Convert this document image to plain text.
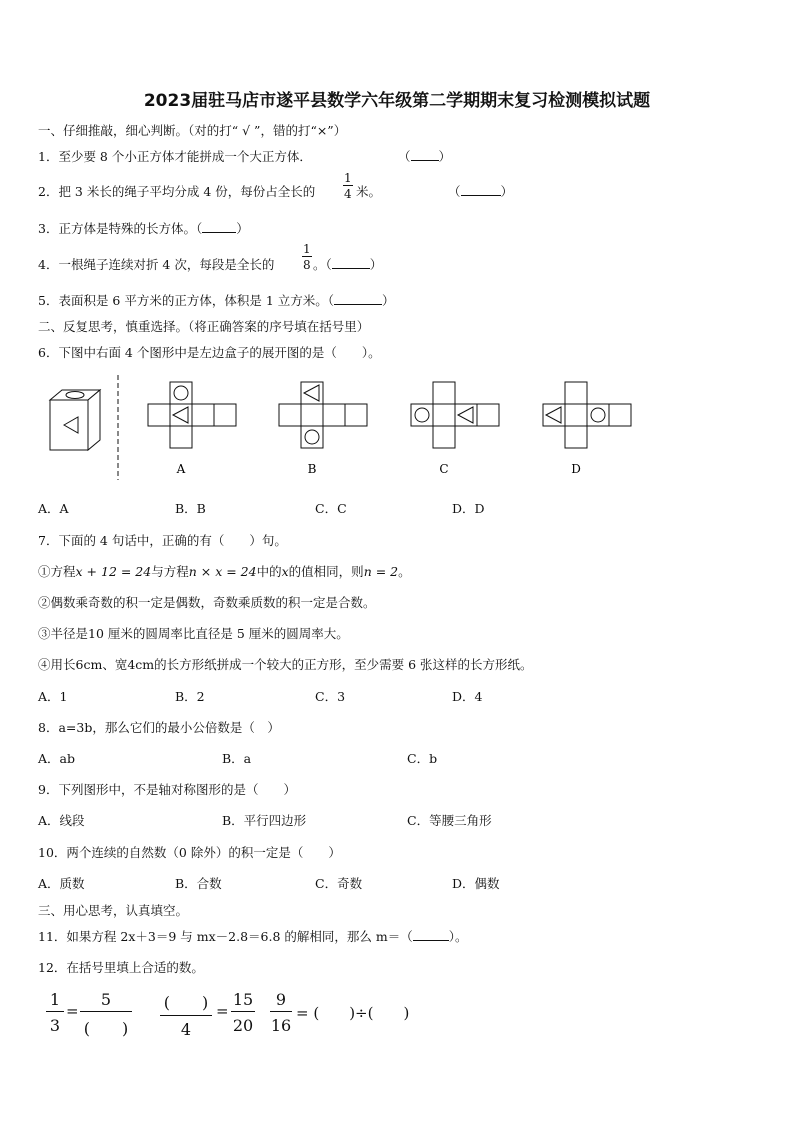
2023届驻马店市遂平县数学六年级第二学期期末复习检测模拟试题
一、仔细推敲，细心判断。（对的打“ √ ”，错的打“×”）
1．至少要 8 个小正方体才能拼成一个大正方体．	（ ）
2．把 3 米长的绳子平均分成 4 份，每份占全长的 $\frac{1}{4}$ 米。	（	）
3．正方体是特殊的长方体。（	）
4．一根绳子连续对折 4 次，每段是全长的 $\frac{1}{8}$ 。（	）
5．表面积是 6 平方米的正方体，体积是 1 立方米。（	）
二、反复思考，慎重选择。（将正确答案的序号填在括号里）
6．下图中右面 4 个图形中是左边盒子的展开图的是（　　）。
A	B	C	D
A．A	B．B	C．C	D．D
7．下面的 4 句话中，正确的有（　　）句。
①方程x + 12 = 24与方程n × x = 24中的x的值相同，则n = 2。
②偶数乘奇数的积一定是偶数，奇数乘质数的积一定是合数。
③半径是10 厘米的圆周率比直径是 5 厘米的圆周率大。
④用长6cm、宽4cm的长方形纸拼成一个较大的正方形，至少需要 6 张这样的长方形纸。
A．1	B．2	C．3	D．4
8．a=3b，那么它们的最小公倍数是（　）
A．ab	B．a	C．b
9．下列图形中，不是轴对称图形的是（　　）
A．线段	B．平行四边形	C．等腰三角形
10．两个连续的自然数（0 除外）的积一定是（　　）
A．质数	B．合数	C．奇数	D．偶数
三、用心思考，认真填空。
11．如果方程 2x＋3＝9 与 mx－2.8＝6.8 的解相同，那么 m＝（	）。
12．在括号里填上合适的数。
1
3
=
5
(　　)
(　　)
4
=
15
20
9
16
= (　　)÷(　　)
